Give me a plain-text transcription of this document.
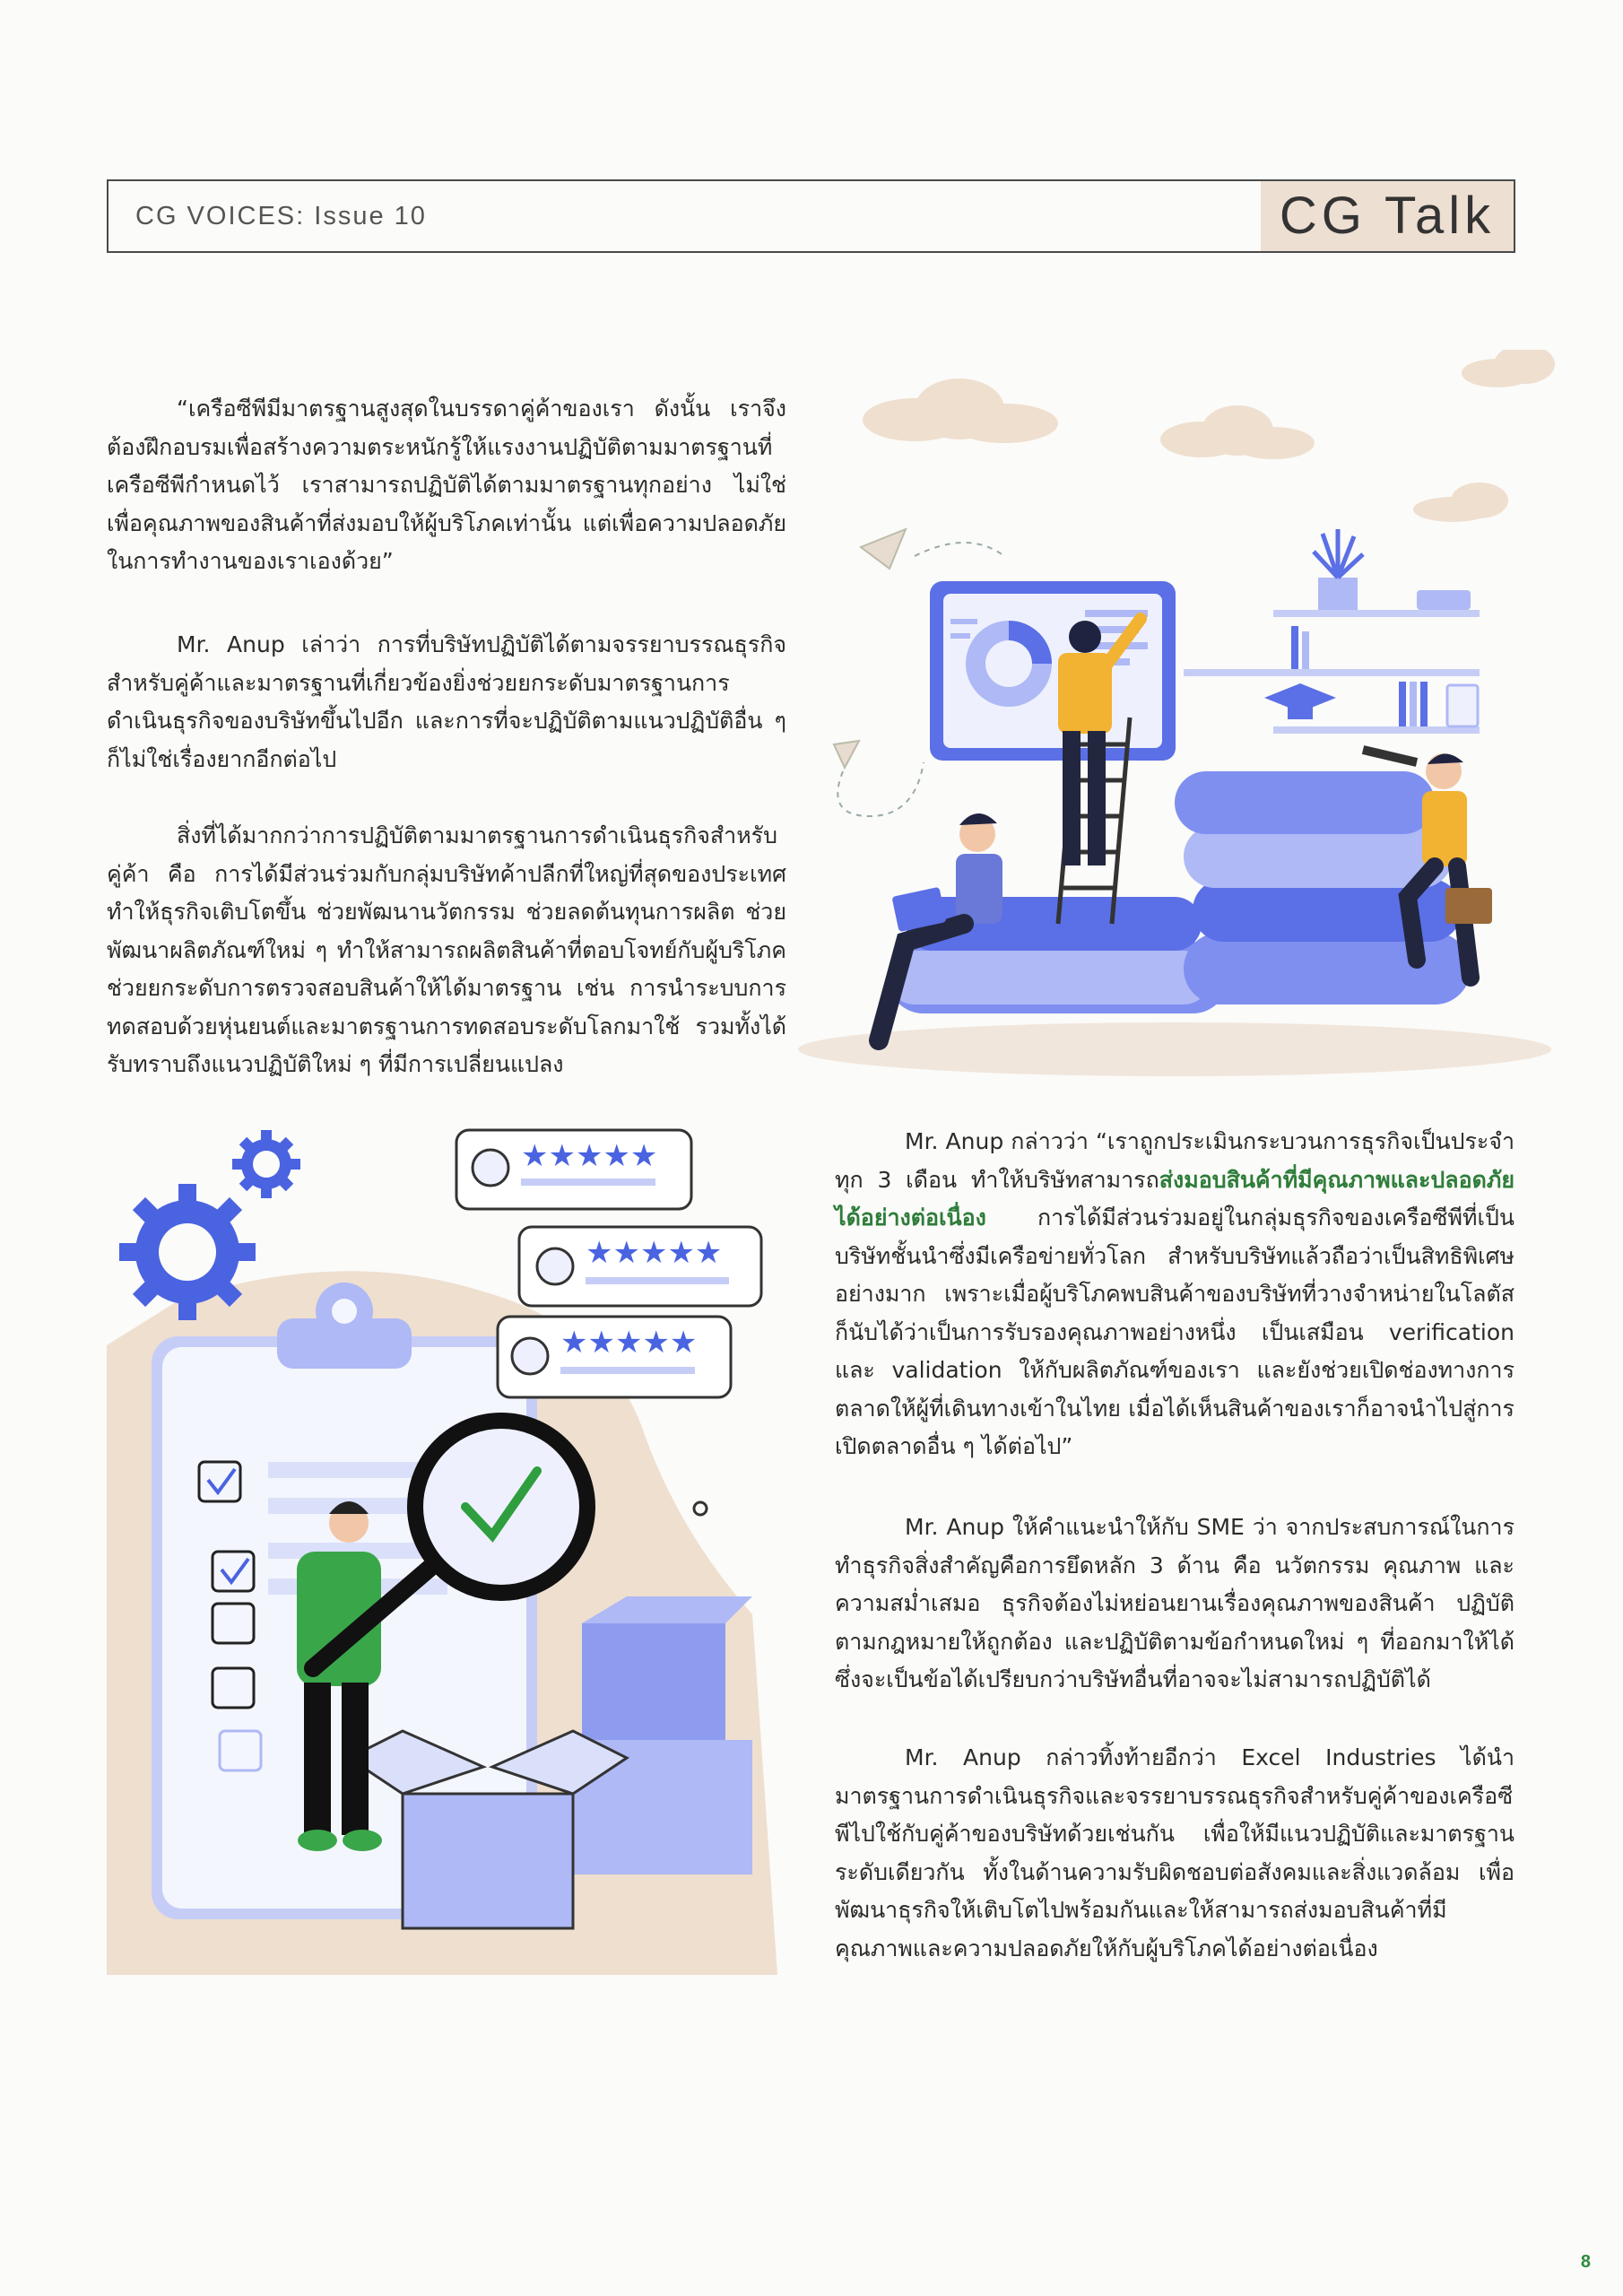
CG VOICES: Issue 10	CG Talk

“เครือซีพีมีมาตรฐานสูงสุดในบรรดาคู่ค้าของเรา ดังนั้น เราจึงต้องฝึกอบรมเพื่อสร้างความตระหนักรู้ให้แรงงานปฏิบัติตามมาตรฐานที่เครือซีพีกำหนดไว้ เราสามารถปฏิบัติได้ตามมาตรฐานทุกอย่าง ไม่ใช่เพื่อคุณภาพของสินค้าที่ส่งมอบให้ผู้บริโภคเท่านั้น แต่เพื่อความปลอดภัยในการทำงานของเราเองด้วย”

Mr. Anup เล่าว่า การที่บริษัทปฏิบัติได้ตามจรรยาบรรณธุรกิจสำหรับคู่ค้าและมาตรฐานที่เกี่ยวข้องยิ่งช่วยยกระดับมาตรฐานการดำเนินธุรกิจของบริษัทขึ้นไปอีก และการที่จะปฏิบัติตามแนวปฏิบัติอื่น ๆ ก็ไม่ใช่เรื่องยากอีกต่อไป

สิ่งที่ได้มากกว่าการปฏิบัติตามมาตรฐานการดำเนินธุรกิจสำหรับคู่ค้า คือ การได้มีส่วนร่วมกับกลุ่มบริษัทค้าปลีกที่ใหญ่ที่สุดของประเทศทำให้ธุรกิจเติบโตขึ้น ช่วยพัฒนานวัตกรรม ช่วยลดต้นทุนการผลิต ช่วยพัฒนาผลิตภัณฑ์ใหม่ ๆ ทำให้สามารถผลิตสินค้าที่ตอบโจทย์กับผู้บริโภค ช่วยยกระดับการตรวจสอบสินค้าให้ได้มาตรฐาน เช่น การนำระบบการทดสอบด้วยหุ่นยนต์และมาตรฐานการทดสอบระดับโลกมาใช้ รวมทั้งได้รับทราบถึงแนวปฏิบัติใหม่ ๆ ที่มีการเปลี่ยนแปลง

Mr. Anup กล่าวว่า “เราถูกประเมินกระบวนการธุรกิจเป็นประจำทุก 3 เดือน ทำให้บริษัทสามารถส่งมอบสินค้าที่มีคุณภาพและปลอดภัยได้อย่างต่อเนื่อง การได้มีส่วนร่วมอยู่ในกลุ่มธุรกิจของเครือซีพีที่เป็นบริษัทชั้นนำซึ่งมีเครือข่ายทั่วโลก สำหรับบริษัทแล้วถือว่าเป็นสิทธิพิเศษอย่างมาก เพราะเมื่อผู้บริโภคพบสินค้าของบริษัทที่วางจำหน่ายในโลตัสก็นับได้ว่าเป็นการรับรองคุณภาพอย่างหนึ่ง เป็นเสมือน verification และ validation ให้กับผลิตภัณฑ์ของเรา และยังช่วยเปิดช่องทางการตลาดให้ผู้ที่เดินทางเข้าในไทย เมื่อได้เห็นสินค้าของเราก็อาจนำไปสู่การเปิดตลาดอื่น ๆ ได้ต่อไป”

Mr. Anup ให้คำแนะนำให้กับ SME ว่า จากประสบการณ์ในการทำธุรกิจสิ่งสำคัญคือการยึดหลัก 3 ด้าน คือ นวัตกรรม คุณภาพ และความสม่ำเสมอ ธุรกิจต้องไม่หย่อนยานเรื่องคุณภาพของสินค้า ปฏิบัติตามกฎหมายให้ถูกต้อง และปฏิบัติตามข้อกำหนดใหม่ ๆ ที่ออกมาให้ได้ ซึ่งจะเป็นข้อได้เปรียบกว่าบริษัทอื่นที่อาจจะไม่สามารถปฏิบัติได้

Mr. Anup กล่าวทิ้งท้ายอีกว่า Excel Industries ได้นำมาตรฐานการดำเนินธุรกิจและจรรยาบรรณธุรกิจสำหรับคู่ค้าของเครือซีพีไปใช้กับคู่ค้าของบริษัทด้วยเช่นกัน เพื่อให้มีแนวปฏิบัติและมาตรฐานระดับเดียวกัน ทั้งในด้านความรับผิดชอบต่อสังคมและสิ่งแวดล้อม เพื่อพัฒนาธุรกิจให้เติบโตไปพร้อมกันและให้สามารถส่งมอบสินค้าที่มีคุณภาพและความปลอดภัยให้กับผู้บริโภคได้อย่างต่อเนื่อง

★★★★★
★★★★★
★★★★★
8
